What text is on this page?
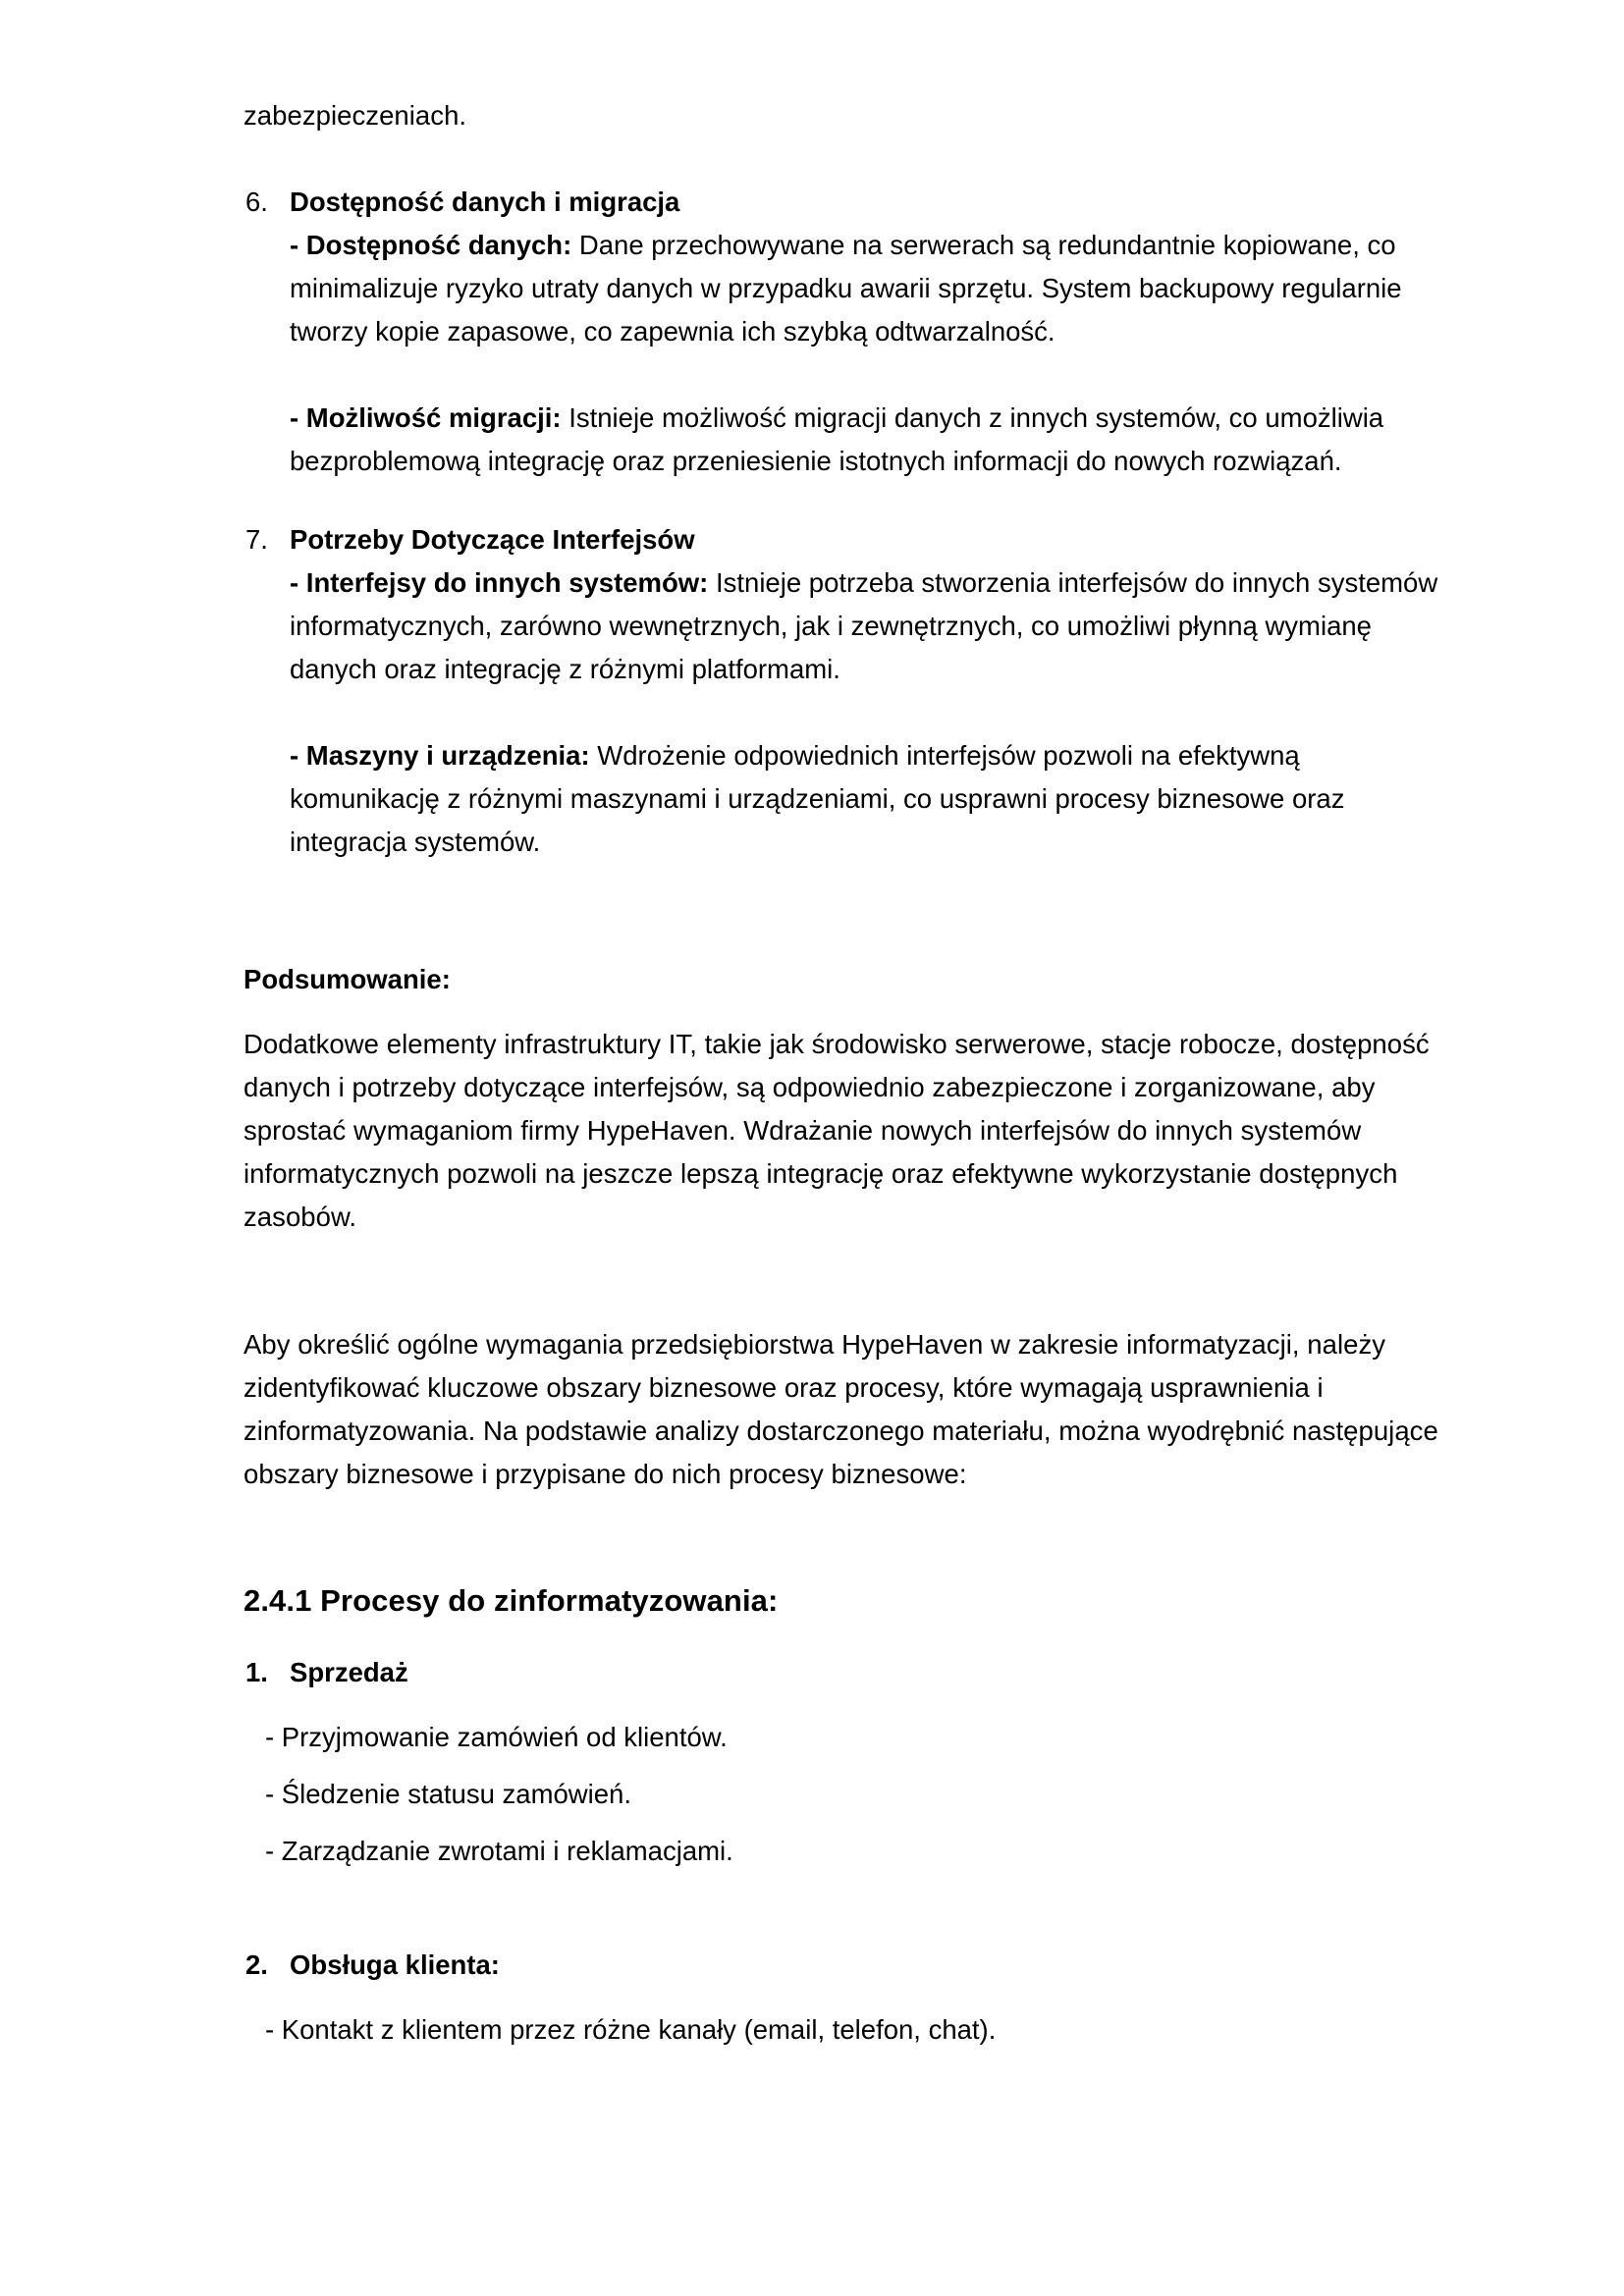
zabezpieczeniach.

6. Dostępność danych i migracja
- Dostępność danych: Dane przechowywane na serwerach są redundantnie kopiowane, co minimalizuje ryzyko utraty danych w przypadku awarii sprzętu. System backupowy regularnie tworzy kopie zapasowe, co zapewnia ich szybką odtwarzalność.
- Możliwość migracji: Istnieje możliwość migracji danych z innych systemów, co umożliwia bezproblemową integrację oraz przeniesienie istotnych informacji do nowych rozwiązań.
7. Potrzeby Dotyczące Interfejsów
- Interfejsy do innych systemów: Istnieje potrzeba stworzenia interfejsów do innych systemów informatycznych, zarówno wewnętrznych, jak i zewnętrznych, co umożliwi płynną wymianę danych oraz integrację z różnymi platformami.
- Maszyny i urządzenia: Wdrożenie odpowiednich interfejsów pozwoli na efektywną komunikację z różnymi maszynami i urządzeniami, co usprawni procesy biznesowe oraz integracja systemów.

Podsumowanie:

Dodatkowe elementy infrastruktury IT, takie jak środowisko serwerowe, stacje robocze, dostępność danych i potrzeby dotyczące interfejsów, są odpowiednio zabezpieczone i zorganizowane, aby sprostać wymaganiom firmy HypeHaven. Wdrażanie nowych interfejsów do innych systemów informatycznych pozwoli na jeszcze lepszą integrację oraz efektywne wykorzystanie dostępnych zasobów.

Aby określić ogólne wymagania przedsiębiorstwa HypeHaven w zakresie informatyzacji, należy zidentyfikować kluczowe obszary biznesowe oraz procesy, które wymagają usprawnienia i zinformatyzowania. Na podstawie analizy dostarczonego materiału, można wyodrębnić następujące obszary biznesowe i przypisane do nich procesy biznesowe:

2.4.1 Procesy do zinformatyzowania:

1. Sprzedaż

- Przyjmowanie zamówień od klientów.

- Śledzenie statusu zamówień.

- Zarządzanie zwrotami i reklamacjami.

2. Obsługa klienta:

- Kontakt z klientem przez różne kanały (email, telefon, chat).
